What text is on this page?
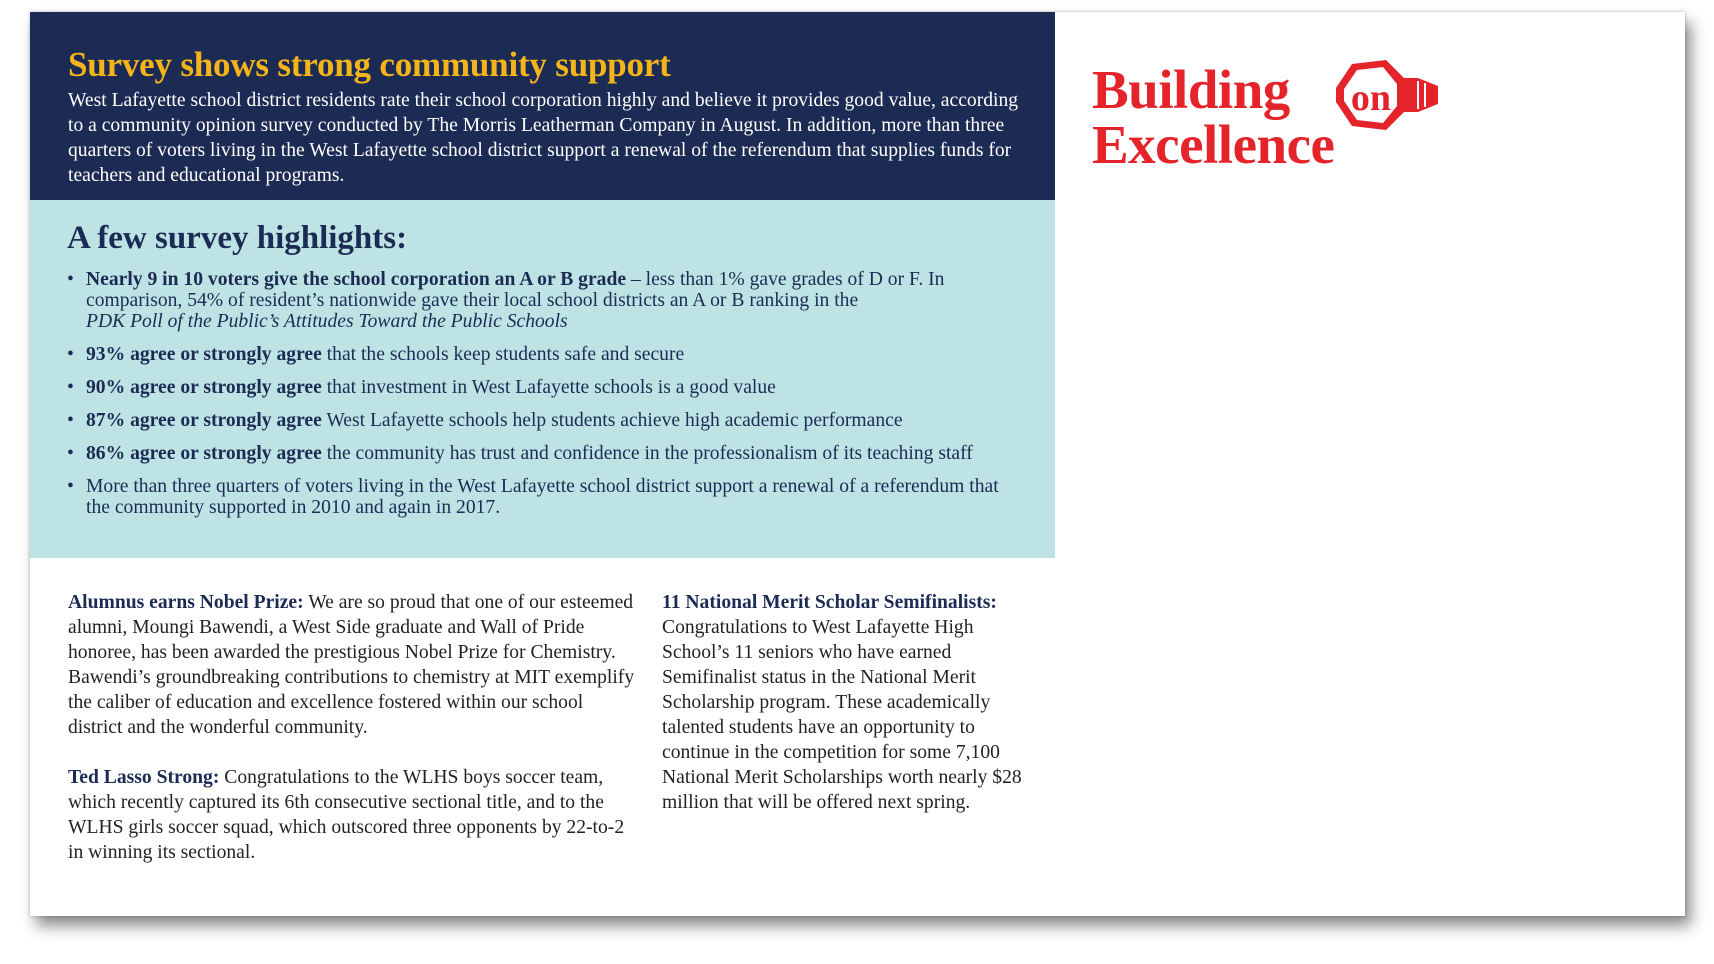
Survey shows strong community support

West Lafayette school district residents rate their school corporation highly and believe it provides good value, according to a community opinion survey conducted by The Morris Leatherman Company in August. In addition, more than three quarters of voters living in the West Lafayette school district support a renewal of the referendum that supplies funds for teachers and educational programs.

A few survey highlights:
• Nearly 9 in 10 voters give the school corporation an A or B grade – less than 1% gave grades of D or F. In comparison, 54% of resident’s nationwide gave their local school districts an A or B ranking in the
PDK Poll of the Public’s Attitudes Toward the Public Schools
• 93% agree or strongly agree that the schools keep students safe and secure
• 90% agree or strongly agree that investment in West Lafayette schools is a good value
• 87% agree or strongly agree West Lafayette schools help students achieve high academic performance
• 86% agree or strongly agree the community has trust and confidence in the professionalism of its teaching staff
• More than three quarters of voters living in the West Lafayette school district support a renewal of a referendum that the community supported in 2010 and again in 2017.

Alumnus earns Nobel Prize: We are so proud that one of our esteemed alumni, Moungi Bawendi, a West Side graduate and Wall of Pride honoree, has been awarded the prestigious Nobel Prize for Chemistry. Bawendi’s groundbreaking contributions to chemistry at MIT exemplify the caliber of education and excellence fostered within our school district and the wonderful community.

Ted Lasso Strong: Congratulations to the WLHS boys soccer team, which recently captured its 6th consecutive sectional title, and to the WLHS girls soccer squad, which outscored three opponents by 22-to-2 in winning its sectional.

11 National Merit Scholar Semifinalists:
Congratulations to West Lafayette High School’s 11 seniors who have earned Semifinalist status in the National Merit Scholarship program. These academically talented students have an opportunity to continue in the competition for some 7,100 National Merit Scholarships worth nearly $28 million that will be offered next spring.

Building on
Excellence
